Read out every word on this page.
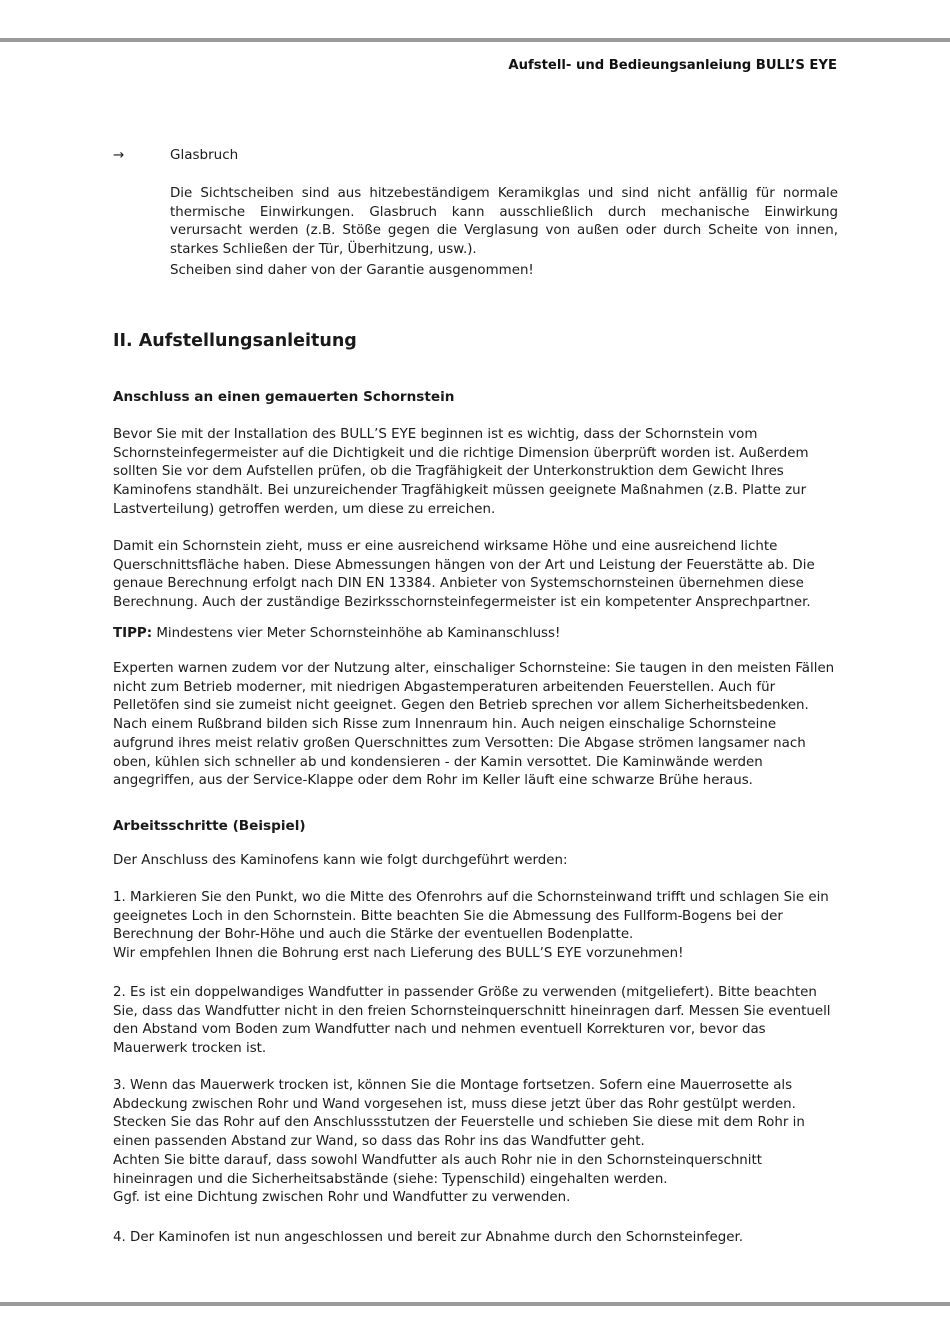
Aufstell- und Bedieungsanleiung BULL’S EYE
→	Glasbruch

Die Sichtscheiben sind aus hitzebeständigem Keramikglas und sind nicht anfällig für normale thermische Einwirkungen. Glasbruch kann ausschließlich durch mechanische Einwirkung verursacht werden (z.B. Stöße gegen die Verglasung von außen oder durch Scheite von innen, starkes Schließen der Tür, Überhitzung, usw.).

Scheiben sind daher von der Garantie ausgenommen!

II. Aufstellungsanleitung
Anschluss an einen gemauerten Schornstein

Bevor Sie mit der Installation des BULL’S EYE beginnen ist es wichtig, dass der Schornstein vom Schornsteinfegermeister auf die Dichtigkeit und die richtige Dimension überprüft worden ist. Außerdem sollten Sie vor dem Aufstellen prüfen, ob die Tragfähigkeit der Unterkonstruktion dem Gewicht Ihres Kaminofens standhält. Bei unzureichender Tragfähigkeit müssen geeignete Maßnahmen (z.B. Platte zur Lastverteilung) getroffen werden, um diese zu erreichen.

Damit ein Schornstein zieht, muss er eine ausreichend wirksame Höhe und eine ausreichend lichte Querschnittsfläche haben. Diese Abmessungen hängen von der Art und Leistung der Feuerstätte ab. Die genaue Berechnung erfolgt nach DIN EN 13384. Anbieter von Systemschornsteinen übernehmen diese Berechnung. Auch der zuständige Bezirksschornsteinfegermeister ist ein kompetenter Ansprechpartner.

TIPP: Mindestens vier Meter Schornsteinhöhe ab Kaminanschluss!

Experten warnen zudem vor der Nutzung alter, einschaliger Schornsteine: Sie taugen in den meisten Fällen nicht zum Betrieb moderner, mit niedrigen Abgastemperaturen arbeitenden Feuerstellen. Auch für Pelletöfen sind sie zumeist nicht geeignet. Gegen den Betrieb sprechen vor allem Sicherheitsbedenken. Nach einem Rußbrand bilden sich Risse zum Innenraum hin. Auch neigen einschalige Schornsteine aufgrund ihres meist relativ großen Querschnittes zum Versotten: Die Abgase strömen langsamer nach oben, kühlen sich schneller ab und kondensieren - der Kamin versottet. Die Kaminwände werden angegriffen, aus der Service-Klappe oder dem Rohr im Keller läuft eine schwarze Brühe heraus.

Arbeitsschritte (Beispiel)

Der Anschluss des Kaminofens kann wie folgt durchgeführt werden:

1. Markieren Sie den Punkt, wo die Mitte des Ofenrohrs auf die Schornsteinwand trifft und schlagen Sie ein geeignetes Loch in den Schornstein. Bitte beachten Sie die Abmessung des Fullform-Bogens bei der Berechnung der Bohr-Höhe und auch die Stärke der eventuellen Bodenplatte.

Wir empfehlen Ihnen die Bohrung erst nach Lieferung des BULL’S EYE vorzunehmen!

2. Es ist ein doppelwandiges Wandfutter in passender Größe zu verwenden (mitgeliefert). Bitte beachten Sie, dass das Wandfutter nicht in den freien Schornsteinquerschnitt hineinragen darf. Messen Sie eventuell den Abstand vom Boden zum Wandfutter nach und nehmen eventuell Korrekturen vor, bevor das Mauerwerk trocken ist.

3. Wenn das Mauerwerk trocken ist, können Sie die Montage fortsetzen. Sofern eine Mauerrosette als Abdeckung zwischen Rohr und Wand vorgesehen ist, muss diese jetzt über das Rohr gestülpt werden. Stecken Sie das Rohr auf den Anschlussstutzen der Feuerstelle und schieben Sie diese mit dem Rohr in einen passenden Abstand zur Wand, so dass das Rohr ins das Wandfutter geht.

Achten Sie bitte darauf, dass sowohl Wandfutter als auch Rohr nie in den Schornsteinquerschnitt hineinragen und die Sicherheitsabstände (siehe: Typenschild) eingehalten werden.

Ggf. ist eine Dichtung zwischen Rohr und Wandfutter zu verwenden.

4. Der Kaminofen ist nun angeschlossen und bereit zur Abnahme durch den Schornsteinfeger.
